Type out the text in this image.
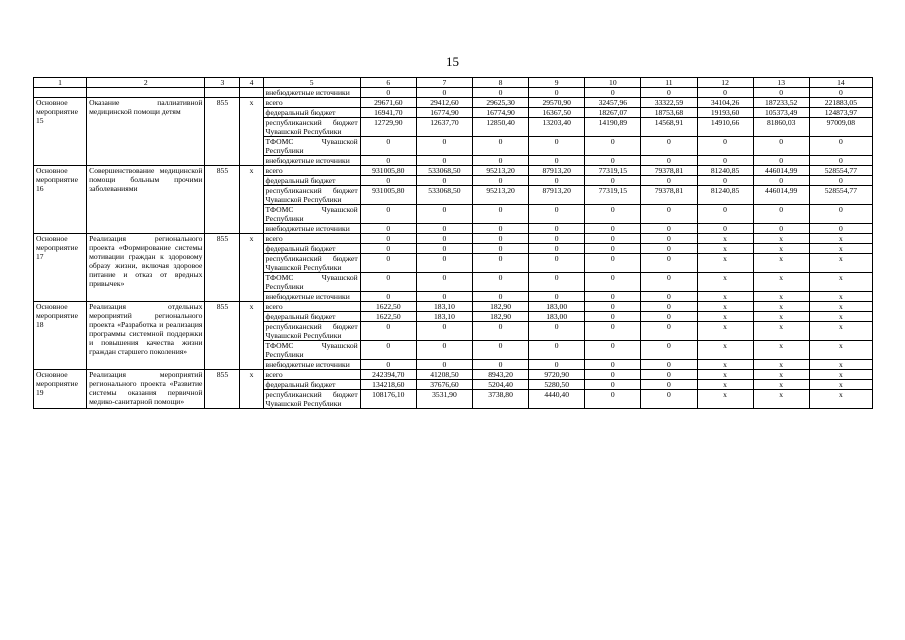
15
1	2	3	4	5	6	7	8	9	10	11	12	13	14
				внебюджетные источники	0	0	0	0	0	0	0	0	0
Основное мероприятие 15	Оказание паллиативной медицинской помощи детям	855	x	всего	29671,60	29412,60	29625,30	29570,90	32457,96	33322,59	34104,26	187233,52	221883,05
				федеральный бюджет	16941,70	16774,90	16774,90	16367,50	18267,07	18753,68	19193,60	105373,49	124873,97
				республиканский бюджет Чувашской Республики	12729,90	12637,70	12850,40	13203,40	14190,89	14568,91	14910,66	81860,03	97009,08
				ТФОМС Чувашской Республики	0	0	0	0	0	0	0	0	0
				внебюджетные источники	0	0	0	0	0	0	0	0	0
Основное мероприятие 16	Совершенствование медицинской помощи больным прочими заболеваниями	855	x	всего	931005,80	533068,50	95213,20	87913,20	77319,15	79378,81	81240,85	446014,99	528554,77
				федеральный бюджет	0	0	0	0	0	0	0	0	0
				республиканский бюджет Чувашской Республики	931005,80	533068,50	95213,20	87913,20	77319,15	79378,81	81240,85	446014,99	528554,77
				ТФОМС Чувашской Республики	0	0	0	0	0	0	0	0	0
				внебюджетные источники	0	0	0	0	0	0	0	0	0
Основное мероприятие 17	Реализация регионального проекта «Формирование системы мотивации граждан к здоровому образу жизни, включая здоровое питание и отказ от вредных привычек»	855	x	всего	0	0	0	0	0	0	x	x	x
				федеральный бюджет	0	0	0	0	0	0	x	x	x
				республиканский бюджет Чувашской Республики	0	0	0	0	0	0	x	x	x
				ТФОМС Чувашской Республики	0	0	0	0	0	0	x	x	x
				внебюджетные источники	0	0	0	0	0	0	x	x	x
Основное мероприятие 18	Реализация отдельных мероприятий регионального проекта «Разработка и реализация программы системной поддержки и повышения качества жизни граждан старшего поколения»	855	x	всего	1622,50	183,10	182,90	183,00	0	0	x	x	x
				федеральный бюджет	1622,50	183,10	182,90	183,00	0	0	x	x	x
				республиканский бюджет Чувашской Республики	0	0	0	0	0	0	x	x	x
				ТФОМС Чувашской Республики	0	0	0	0	0	0	x	x	x
				внебюджетные источники	0	0	0	0	0	0	x	x	x
Основное мероприятие 19	Реализация мероприятий регионального проекта «Развитие системы оказания первичной медико-санитарной помощи»	855	x	всего	242394,70	41208,50	8943,20	9720,90	0	0	x	x	x
				федеральный бюджет	134218,60	37676,60	5204,40	5280,50	0	0	x	x	x
				республиканский бюджет Чувашской Республики	108176,10	3531,90	3738,80	4440,40	0	0	x	x	x
